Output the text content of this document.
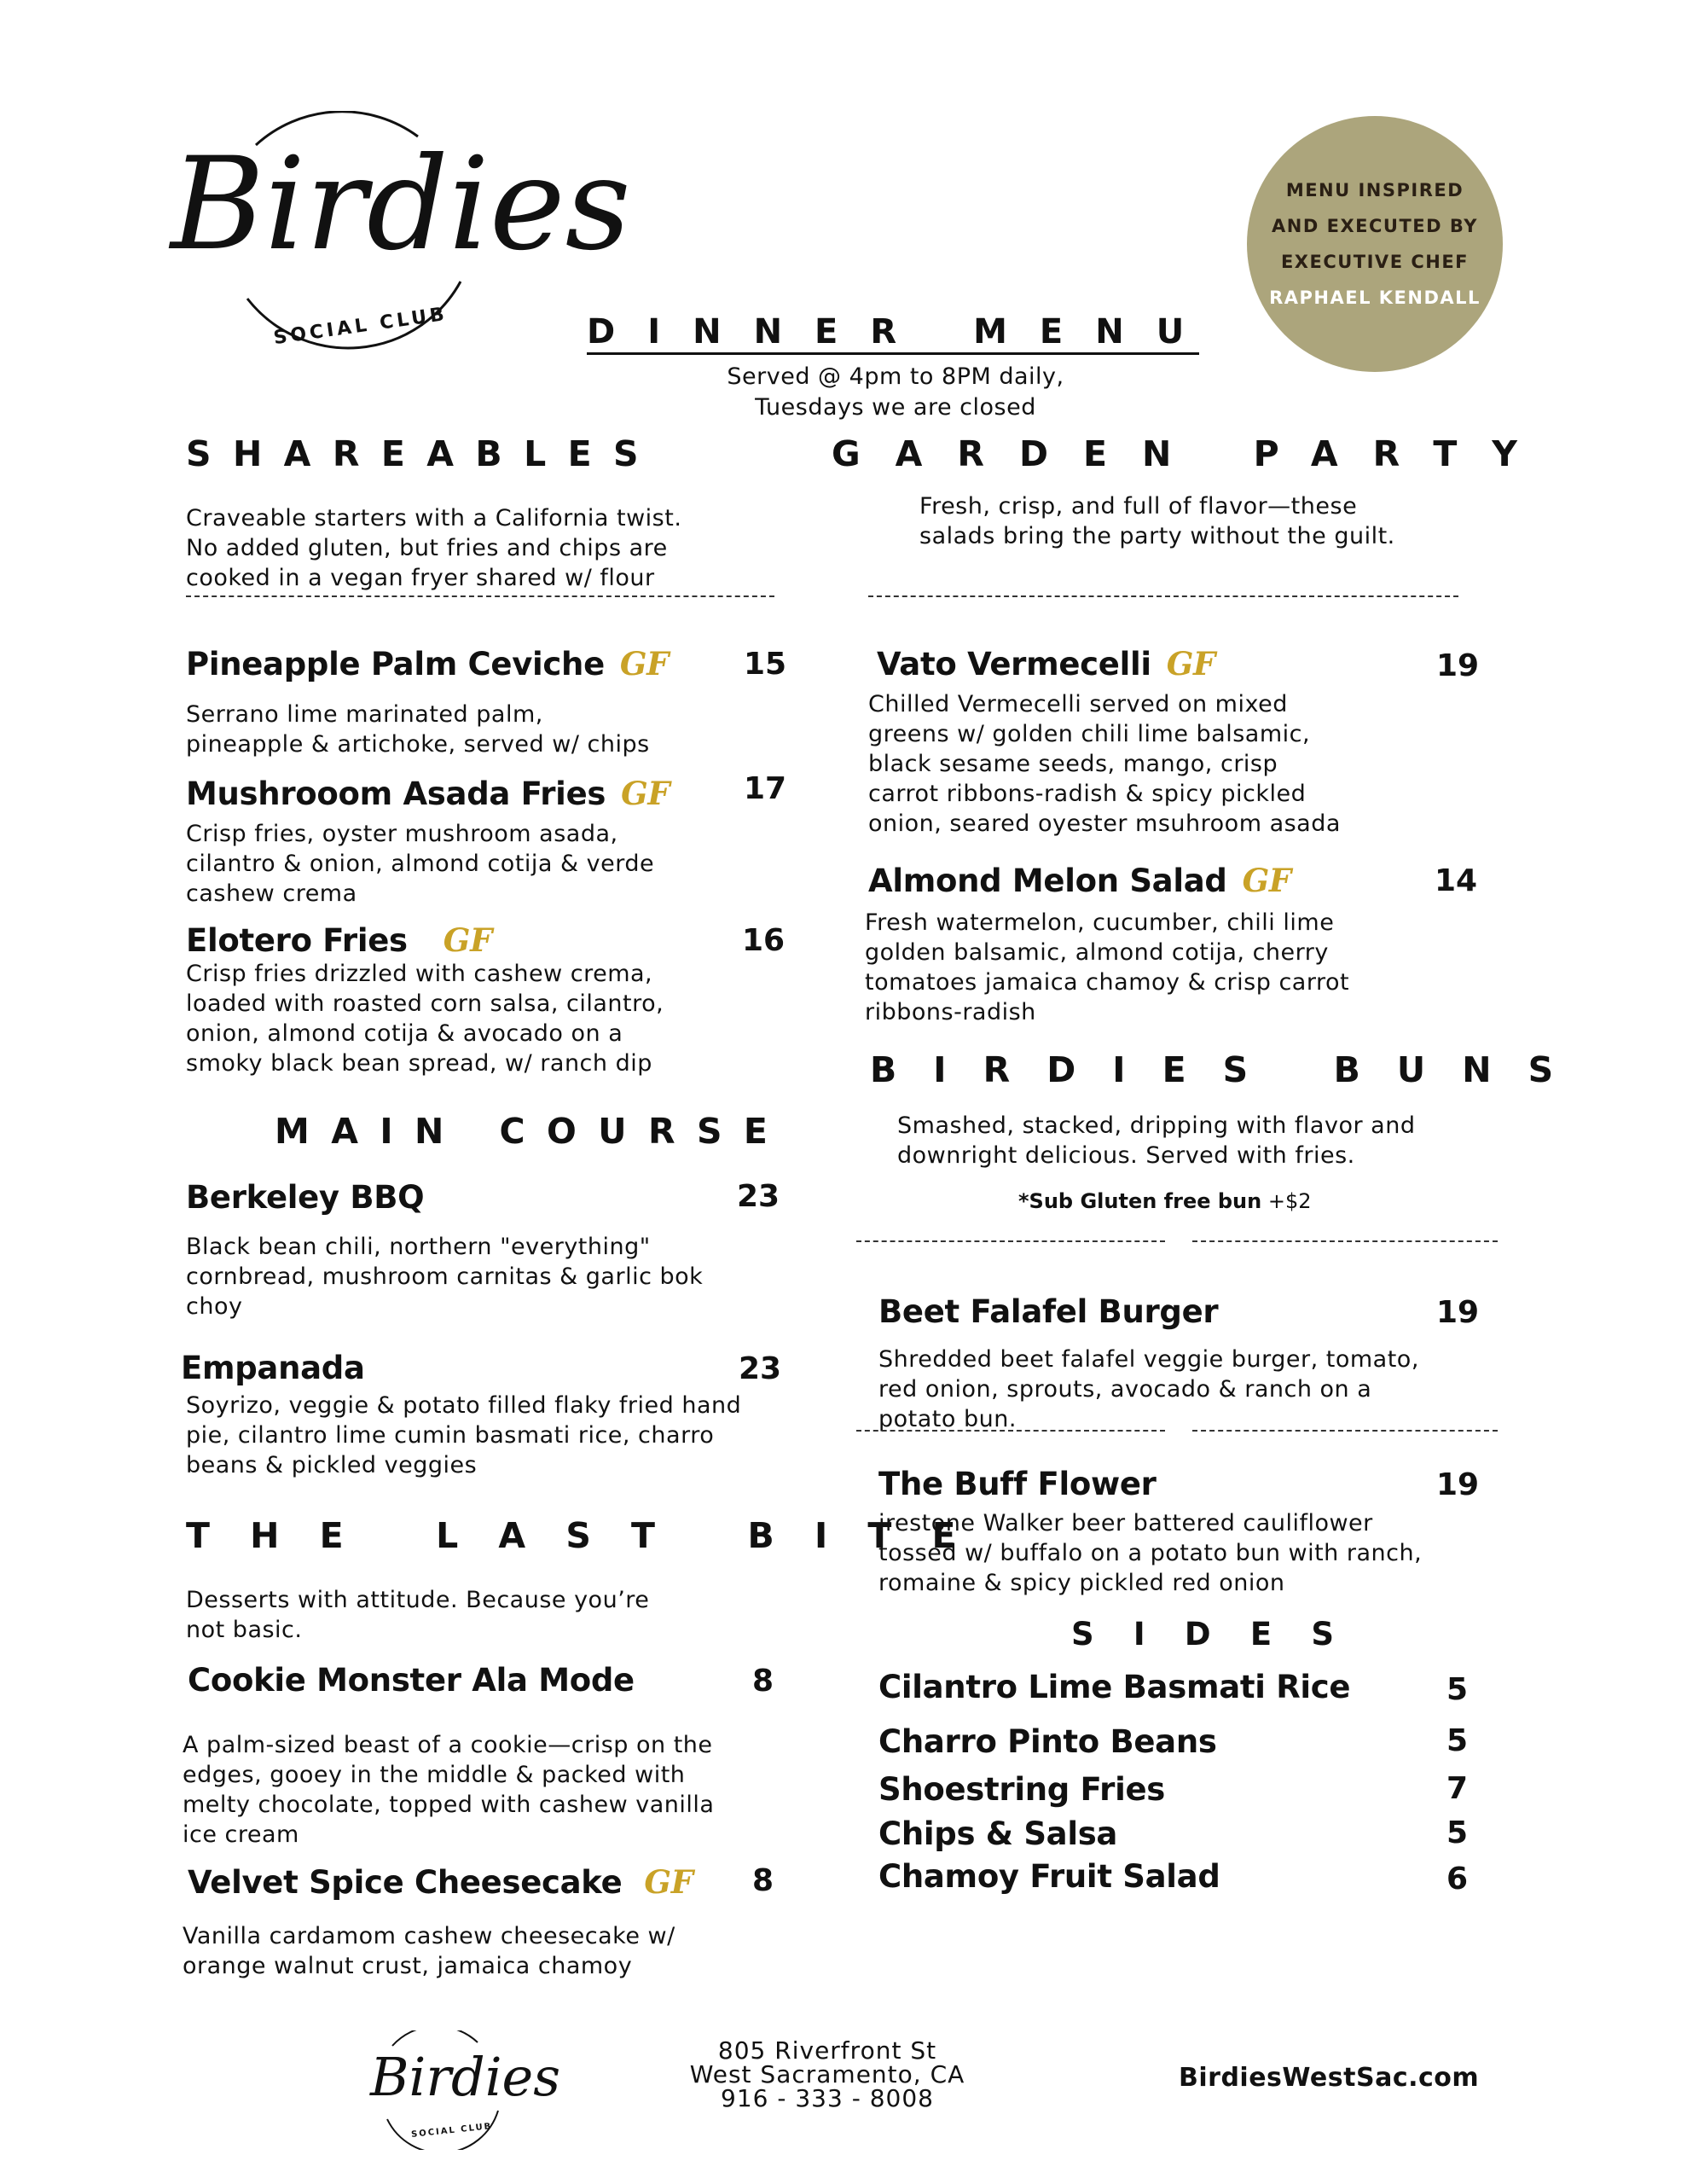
Birdies
SOCIAL CLUB
MENU INSPIRED
AND EXECUTED BY
EXECUTIVE CHEF
RAPHAEL KENDALL
DINNER MENU
Served @ 4pm to 8PM daily,
Tuesdays we are closed
SHAREABLES
Craveable starters with a California twist.
No added gluten, but fries and chips are
cooked in a vegan fryer shared w/ flour
Pineapple Palm Ceviche GF 15
Serrano lime marinated palm,
pineapple & artichoke, served w/ chips
Mushrooom Asada Fries GF 17
Crisp fries, oyster mushroom asada,
cilantro & onion, almond cotija & verde
cashew crema
Elotero Fries GF	16
Crisp fries drizzled with cashew crema,
loaded with roasted corn salsa, cilantro,
onion, almond cotija & avocado on a
smoky black bean spread, w/ ranch dip
MAIN COURSE
Berkeley BBQ	23
Black bean chili, northern "everything"
cornbread, mushroom carnitas & garlic bok
choy
Empanada	23
Soyrizo, veggie & potato filled flaky fried hand
pie, cilantro lime cumin basmati rice, charro
beans & pickled veggies
THE LAST BITE
Desserts with attitude. Because you’re
not basic.
Cookie Monster Ala Mode	8
A palm-sized beast of a cookie—crisp on the
edges, gooey in the middle & packed with
melty chocolate, topped with cashew vanilla
ice cream
Velvet Spice Cheesecake GF 8
Vanilla cardamom cashew cheesecake w/
orange walnut crust, jamaica chamoy
GARDEN PARTY
Fresh, crisp, and full of flavor—these
salads bring the party without the guilt.
Vato Vermecelli GF	19
Chilled Vermecelli served on mixed
greens w/ golden chili lime balsamic,
black sesame seeds, mango, crisp
carrot ribbons-radish & spicy pickled
onion, seared oyester msuhroom asada
Almond Melon Salad GF	14
Fresh watermelon, cucumber, chili lime
golden balsamic, almond cotija, cherry
tomatoes jamaica chamoy & crisp carrot
ribbons-radish
BIRDIES BUNS
Smashed, stacked, dripping with flavor and
downright delicious. Served with fries.
*Sub Gluten free bun +$2
Beet Falafel Burger	19
Shredded beet falafel veggie burger, tomato,
red onion, sprouts, avocado & ranch on a
potato bun.
The Buff Flower	19
irestone Walker beer battered cauliflower
tossed w/ buffalo on a potato bun with ranch,
romaine & spicy pickled red onion
SIDES
Cilantro Lime Basmati Rice	5
Charro Pinto Beans	5
Shoestring Fries	7
Chips & Salsa	5
Chamoy Fruit Salad	6
Birdies
SOCIAL CLUB
805 Riverfront St
West Sacramento, CA
916 - 333 - 8008
BirdiesWestSac.com
